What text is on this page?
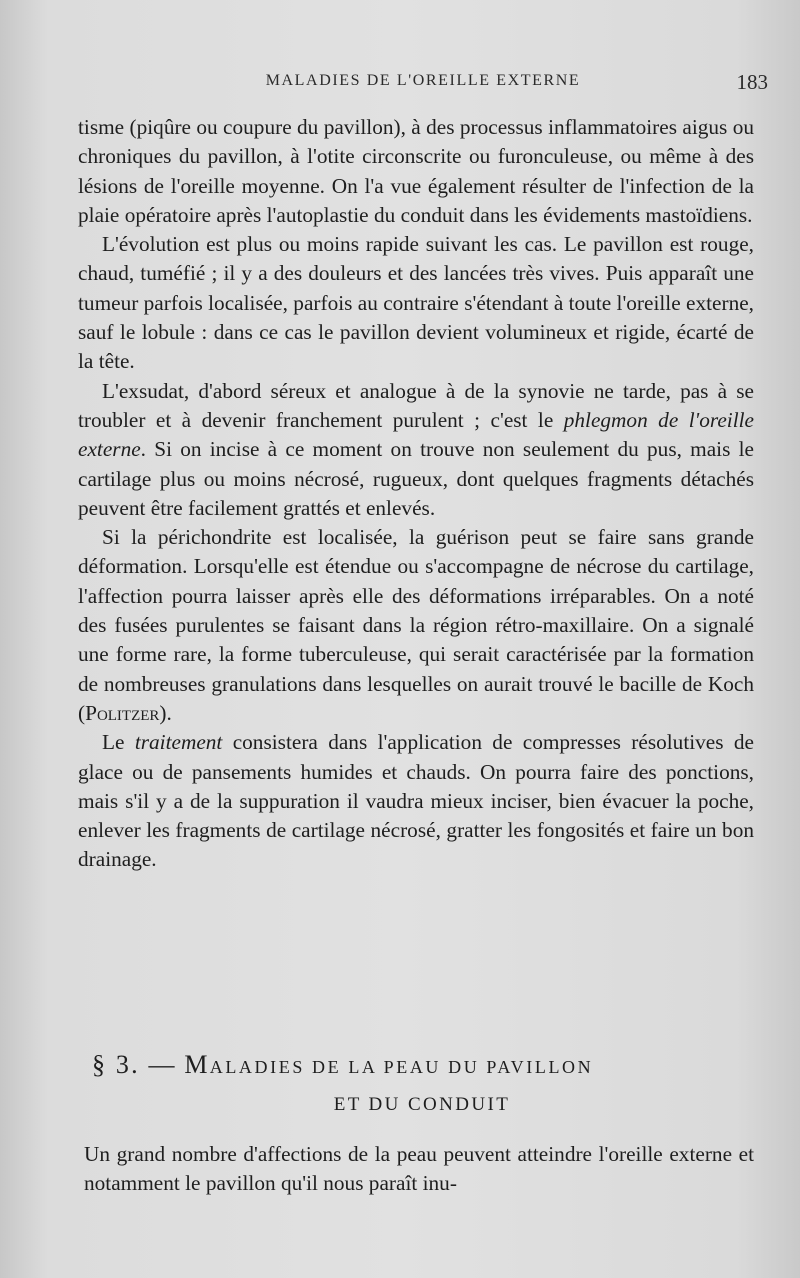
MALADIES DE L'OREILLE EXTERNE	183

tisme (piqûre ou coupure du pavillon), à des processus inflammatoires aigus ou chroniques du pavillon, à l'otite circonscrite ou furonculeuse, ou même à des lésions de l'oreille moyenne. On l'a vue également résulter de l'infection de la plaie opératoire après l'autoplastie du conduit dans les évidements mastoïdiens.

L'évolution est plus ou moins rapide suivant les cas. Le pavillon est rouge, chaud, tuméfié ; il y a des douleurs et des lancées très vives. Puis apparaît une tumeur parfois localisée, parfois au contraire s'étendant à toute l'oreille externe, sauf le lobule : dans ce cas le pavillon devient volumineux et rigide, écarté de la tête.

L'exsudat, d'abord séreux et analogue à de la synovie ne tarde, pas à se troubler et à devenir franchement purulent ; c'est le phlegmon de l'oreille externe. Si on incise à ce moment on trouve non seulement du pus, mais le cartilage plus ou moins nécrosé, rugueux, dont quelques fragments détachés peuvent être facilement grattés et enlevés.

Si la périchondrite est localisée, la guérison peut se faire sans grande déformation. Lorsqu'elle est étendue ou s'accompagne de nécrose du cartilage, l'affection pourra laisser après elle des déformations irréparables. On a noté des fusées purulentes se faisant dans la région rétro-maxillaire. On a signalé une forme rare, la forme tuberculeuse, qui serait caractérisée par la formation de nombreuses granulations dans lesquelles on aurait trouvé le bacille de Koch (Politzer).

Le traitement consistera dans l'application de compresses résolutives de glace ou de pansements humides et chauds. On pourra faire des ponctions, mais s'il y a de la suppuration il vaudra mieux inciser, bien évacuer la poche, enlever les fragments de cartilage nécrosé, gratter les fongosités et faire un bon drainage.

§ 3. — MALADIES DE LA PEAU DU PAVILLON
ET DU CONDUIT

Un grand nombre d'affections de la peau peuvent atteindre l'oreille externe et notamment le pavillon qu'il nous paraît inu-
